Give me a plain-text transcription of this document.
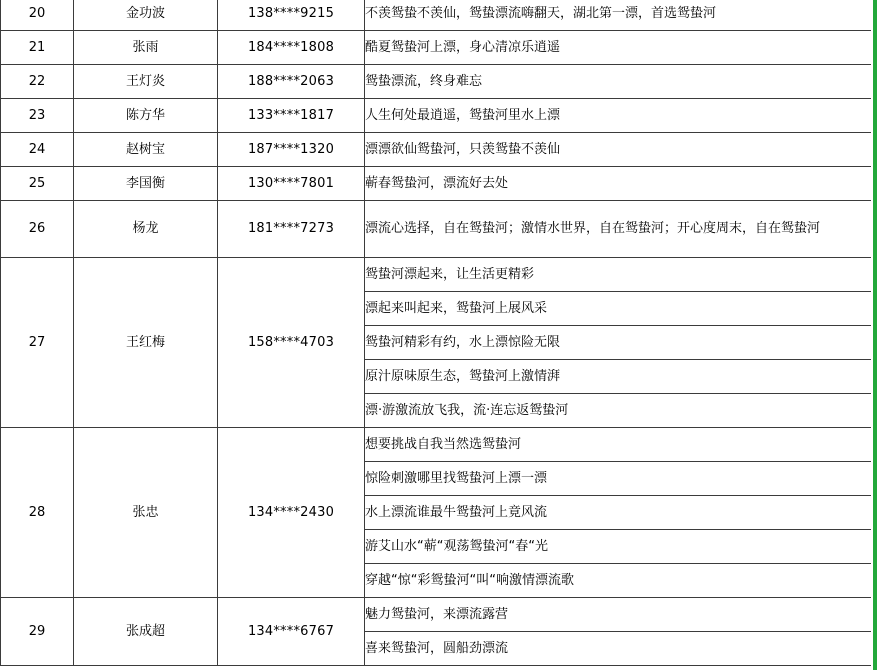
20	金功波	138****9215	不羡鸳蛰不羡仙，鸳蛰漂流嗨翻天，湖北第一漂，首选鸳蛰河
21	张雨	184****1808	酷夏鸳蛰河上漂，身心清凉乐逍遥
22	王灯炎	188****2063	鸳蛰漂流，终身难忘
23	陈方华	133****1817	人生何处最逍遥，鸳蛰河里水上漂
24	赵树宝	187****1320	漂漂欲仙鸳蛰河，只羡鸳蛰不羡仙
25	李国衡	130****7801	蕲春鸳蛰河，漂流好去处
26	杨龙	181****7273	漂流心选择，自在鸳蛰河；激情水世界，自在鸳蛰河；开心度周末，自在鸳蛰河
27	王红梅	158****4703	鸳蛰河漂起来，让生活更精彩
			漂起来叫起来，鸳蛰河上展风采
			鸳蛰河精彩有约，水上漂惊险无限
			原汁原味原生态，鸳蛰河上激情湃
			漂·游激流放飞我，流·连忘返鸳蛰河
28	张忠	134****2430	想要挑战自我当然选鸳蛰河
			惊险刺激哪里找鸳蛰河上漂一漂
			水上漂流谁最牛鸳蛰河上竟风流
			游艾山水“蕲“观荡鸳蛰河“春“光
			穿越“惊“彩鸳蛰河“叫“响激情漂流歌
29	张成超	134****6767	魅力鸳蛰河，来漂流露营
			喜来鸳蛰河，圆船劲漂流
